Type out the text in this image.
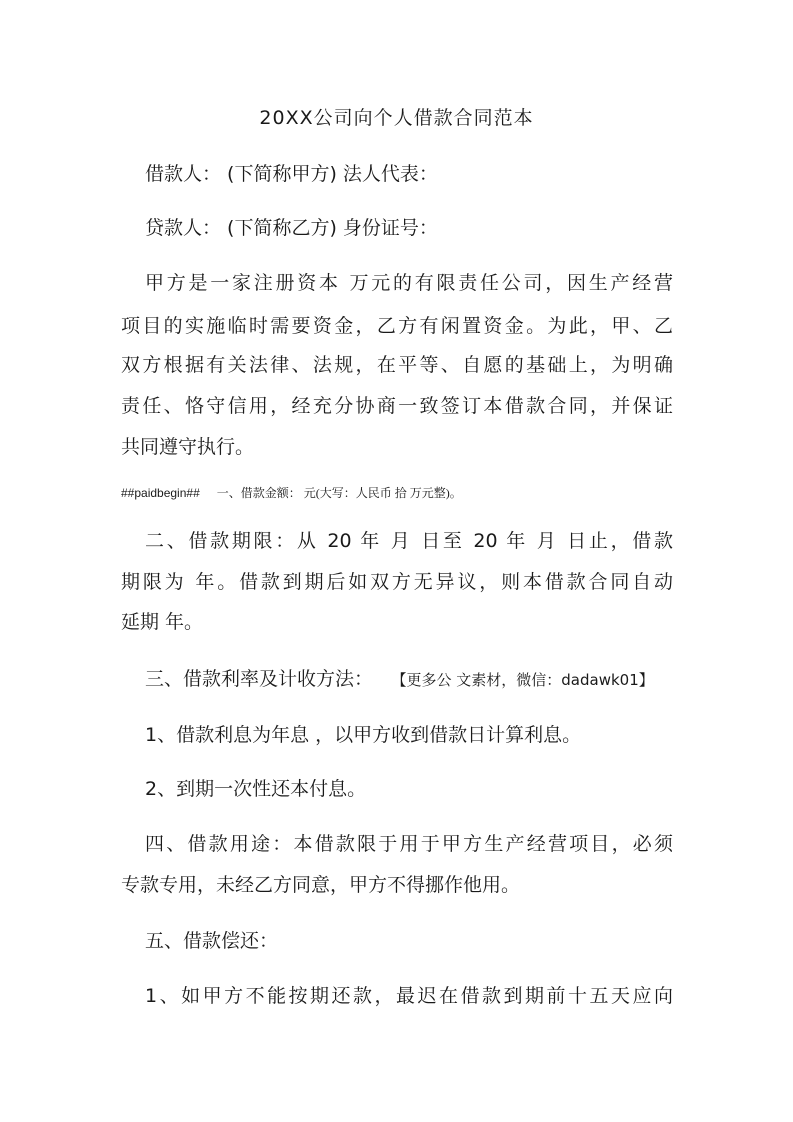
20XX公司向个人借款合同范本
借款人： (下简称甲方) 法人代表：
贷款人： (下简称乙方) 身份证号：
甲方是一家注册资本 万元的有限责任公司，因生产经营
项目的实施临时需要资金，乙方有闲置资金。为此，甲、乙
双方根据有关法律、法规，在平等、自愿的基础上，为明确
责任、恪守信用，经充分协商一致签订本借款合同，并保证
共同遵守执行。
##paidbegin## 一、借款金额： 元(大写：人民币 拾 万元整)。
二、借款期限：从 20 年 月 日至 20 年 月 日止，借款
期限为 年。借款到期后如双方无异议，则本借款合同自动
延期 年。
三、借款利率及计收方法： 【更多公 文素材，微信：dadawk01】
1、借款利息为年息 ，以甲方收到借款日计算利息。
2、到期一次性还本付息。
四、借款用途：本借款限于用于甲方生产经营项目，必须
专款专用，未经乙方同意，甲方不得挪作他用。
五、借款偿还：
1、如甲方不能按期还款，最迟在借款到期前十五天应向
